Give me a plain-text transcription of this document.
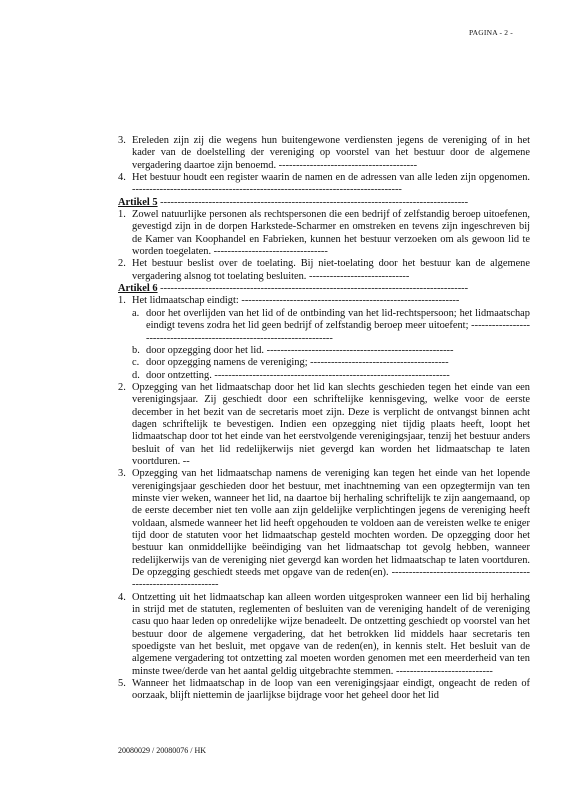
PAGINA - 2 -
3. Ereleden zijn zij die wegens hun buitengewone verdiensten jegens de vereniging of in het kader van de doelstelling der vereniging op voorstel van het bestuur door de algemene vergadering daartoe zijn benoemd. ----------------------------------------
4. Het bestuur houdt een register waarin de namen en de adressen van alle leden zijn opgenomen. ------------------------------------------------------------------------------
Artikel 5 -----------------------------------------------------------------------------------------
1. Zowel natuurlijke personen als rechtspersonen die een bedrijf of zelfstandig beroep uitoefenen, gevestigd zijn in de dorpen Harkstede-Scharmer en omstreken en tevens zijn ingeschreven bij de Kamer van Koophandel en Fabrieken, kunnen het bestuur verzoeken om als gewoon lid te worden toegelaten. ---------------------------------
2. Het bestuur beslist over de toelating. Bij niet-toelating door het bestuur kan de algemene vergadering alsnog tot toelating besluiten. -----------------------------
Artikel 6 -----------------------------------------------------------------------------------------
1. Het lidmaatschap eindigt: ---------------------------------------------------------------
a. door het overlijden van het lid of de ontbinding van het lid-rechtspersoon; het lidmaatschap eindigt tevens zodra het lid geen bedrijf of zelfstandig beroep meer uitoefent; -----------------------------------------------------------------------
b. door opzegging door het lid. ------------------------------------------------------
c. door opzegging namens de vereniging; ----------------------------------------
d. door ontzetting. --------------------------------------------------------------------
2. Opzegging van het lidmaatschap door het lid kan slechts geschieden tegen het einde van een verenigingsjaar. Zij geschiedt door een schriftelijke kennisgeving, welke voor de eerste december in het bezit van de secretaris moet zijn. Deze is verplicht de ontvangst binnen acht dagen schriftelijk te bevestigen. Indien een opzegging niet tijdig plaats heeft, loopt het lidmaatschap door tot het einde van het eerstvolgende verenigingsjaar, tenzij het bestuur anders besluit of van het lid redelijkerwijs niet gevergd kan worden het lidmaatschap te laten voortduren. --
3. Opzegging van het lidmaatschap namens de vereniging kan tegen het einde van het lopende verenigingsjaar geschieden door het bestuur, met inachtneming van een opzegtermijn van ten minste vier weken, wanneer het lid, na daartoe bij herhaling schriftelijk te zijn aangemaand, op de eerste december niet ten volle aan zijn geldelijke verplichtingen jegens de vereniging heeft voldaan, alsmede wanneer het lid heeft opgehouden te voldoen aan de vereisten welke te eniger tijd door de statuten voor het lidmaatschap gesteld mochten worden. De opzegging door het bestuur kan onmiddellijke beëindiging van het lidmaatschap tot gevolg hebben, wanneer redelijkerwijs van de vereniging niet gevergd kan worden het lidmaatschap te laten voortduren. De opzegging geschiedt steeds met opgave van de reden(en). -----------------------------------------------------------------
4. Ontzetting uit het lidmaatschap kan alleen worden uitgesproken wanneer een lid bij herhaling in strijd met de statuten, reglementen of besluiten van de vereniging handelt of de vereniging casu quo haar leden op onredelijke wijze benadeelt. De ontzetting geschiedt op voorstel van het bestuur door de algemene vergadering, dat het betrokken lid middels haar secretaris ten spoedigste van het besluit, met opgave van de reden(en), in kennis stelt. Het besluit van de algemene vergadering tot ontzetting zal moeten worden genomen met een meerderheid van ten minste twee/derde van het aantal geldig uitgebrachte stemmen. ----------------------------
5. Wanneer het lidmaatschap in de loop van een verenigingsjaar eindigt, ongeacht de reden of oorzaak, blijft niettemin de jaarlijkse bijdrage voor het geheel door het lid
20080029 / 20080076 / HK
